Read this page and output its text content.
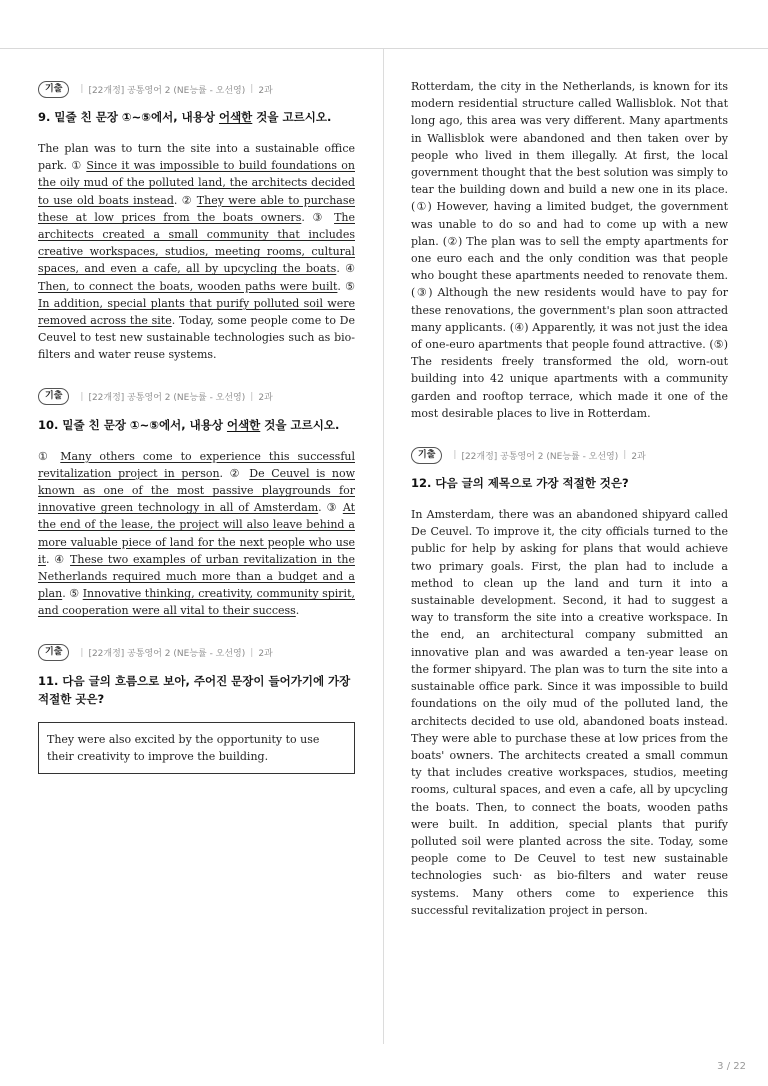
기출	| [22개정] 공통영어 2 (NE능률 - 오선영) | 2과
9. 밑줄 친 문장 ①~⑤에서, 내용상 어색한 것을 고르시오.

The plan was to turn the site into a sustainable office park. ① Since it was impossible to build foundations on the oily mud of the polluted land, the architects decided to use old boats instead. ② They were able to purchase these at low prices from the boats owners. ③ The architects created a small community that includes creative workspaces, studios, meeting rooms, cultural spaces, and even a cafe, all by upcycling the boats. ④ Then, to connect the boats, wooden paths were built. ⑤ In addition, special plants that purify polluted soil were removed across the site. Today, some people come to De Ceuvel to test new sustainable technologies such as bio-filters and water reuse systems.

기출	| [22개정] 공통영어 2 (NE능률 - 오선영) | 2과
10. 밑줄 친 문장 ①~⑤에서, 내용상 어색한 것을 고르시오.

① Many others come to experience this successful revitalization project in person. ② De Ceuvel is now known as one of the most passive playgrounds for innovative green technology in all of Amsterdam. ③ At the end of the lease, the project will also leave behind a more valuable piece of land for the next people who use it. ④ These two examples of urban revitalization in the Netherlands required much more than a budget and a plan. ⑤ Innovative thinking, creativity, community spirit, and cooperation were all vital to their success.

기출	| [22개정] 공통영어 2 (NE능률 - 오선영) | 2과
11. 다음 글의 흐름으로 보아, 주어진 문장이 들어가기에 가장 적절한 곳은?
They were also excited by the opportunity to use their creativity to improve the building.

Rotterdam, the city in the Netherlands, is known for its modern residential structure called Wallisblok. Not that long ago, this area was very different. Many apartments in Wallisblok were abandoned and then taken over by people who lived in them illegally. At first, the local government thought that the best solution was simply to tear the building down and build a new one in its place. (①) However, having a limited budget, the government was unable to do so and had to come up with a new plan. (②) The plan was to sell the empty apartments for one euro each and the only condition was that people who bought these apartments needed to renovate them. (③) Although the new residents would have to pay for these renovations, the government's plan soon attracted many applicants. (④) Apparently, it was not just the idea of one-euro apartments that people found attractive. (⑤) The residents freely transformed the old, worn-out building into 42 unique apartments with a community garden and rooftop terrace, which made it one of the most desirable places to live in Rotterdam.

기출	| [22개정] 공통영어 2 (NE능률 - 오선영) | 2과
12. 다음 글의 제목으로 가장 적절한 것은?

In Amsterdam, there was an abandoned shipyard called De Ceuvel. To improve it, the city officials turned to the public for help by asking for plans that would achieve two primary goals. First, the plan had to include a method to clean up the land and turn it into a sustainable development. Second, it had to suggest a way to transform the site into a creative workspace. In the end, an architectural company submitted an innovative plan and was awarded a ten-year lease on the former shipyard. The plan was to turn the site into a sustainable office park. Since it was impossible to build foundations on the oily mud of the polluted land, the architects decided to use old, abandoned boats instead. They were able to purchase these at low prices from the boats' owners. The architects created a small commun ty that includes creative workspaces, studios, meeting rooms, cultural spaces, and even a cafe, all by upcycling the boats. Then, to connect the boats, wooden paths were built. In addition, special plants that purify polluted soil were planted across the site. Today, some people come to De Ceuvel to test new sustainable technologies such· as bio-filters and water reuse systems. Many others come to experience this successful revitalization project in person.

3 / 22
